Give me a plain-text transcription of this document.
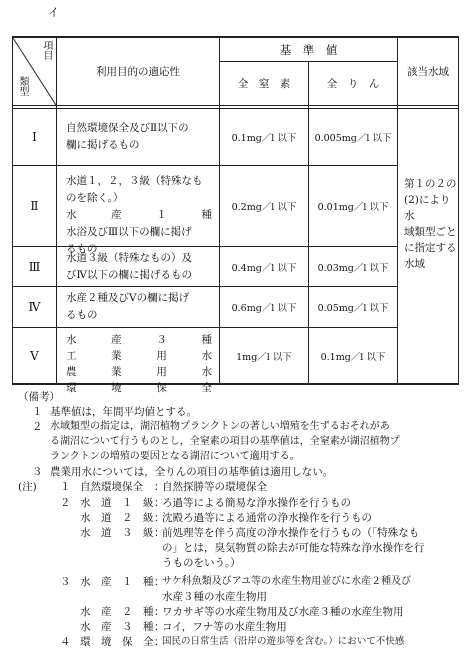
イ
項目
類型
利用目的の適応性
基　準　値
全　窒　素	全　り　ん
該当水域
Ⅰ
自然環境保全及びⅡ以下の
欄に掲げるもの
0.1mg／l 以下 0.005mg／l 以下
Ⅱ
水道１，２，３級（特殊なも
のを除く。）
水	産	１	種
水浴及びⅢ以下の欄に掲げ
るもの
0.2mg／l 以下 0.01mg／l 以下
Ⅲ
水道３級（特殊なもの）及
びⅣ以下の欄に掲げるもの
0.4mg／l 以下 0.03mg／l 以下
Ⅳ
水産２種及びⅤの欄に掲げ
るもの
0.6mg／l 以下 0.05mg／l 以下
Ⅴ
水	産	３	種
工	業	用	水
農	業	用	水
環	境	保	全
1mg／l 以下	0.1mg／l 以下
第１の２の
(2)により水
域類型ごと
に指定する
水域
（備考）
１ 基準値は，年間平均値とする。
２ 水域類型の指定は，湖沼植物プランクトンの著しい増殖を生ずるおそれがあ
る湖沼について行うものとし，全窒素の項目の基準値は，全窒素が湖沼植物プ
ランクトンの増殖の要因となる湖沼について適用する。
３ 農業用水については，全りんの項目の基準値は適用しない。
(注) １ 自然環境保全 ：
自然探勝等の環境保全
２ 水　道　１　級 ：
ろ過等による簡易な浄水操作を行うもの
水　道　２　級 ：
沈殿ろ過等による通常の浄水操作を行うもの
水　道　３　級 ：
前処理等を伴う高度の浄水操作を行うもの（「特殊なも
の」とは，臭気物質の除去が可能な特殊な浄水操作を行
うものをいう。）
３ 水　産　１　種 ：
サケ科魚類及びアユ等の水産生物用並びに水産２種及び
水産３種の水産生物用
水　産　２　種 ：
ワカサギ等の水産生物用及び水産３種の水産生物用
水　産　３　種 ：
コイ，フナ等の水産生物用
４ 環　境　保　全 ：
国民の日常生活（沿岸の遊歩等を含む。）において不快感
